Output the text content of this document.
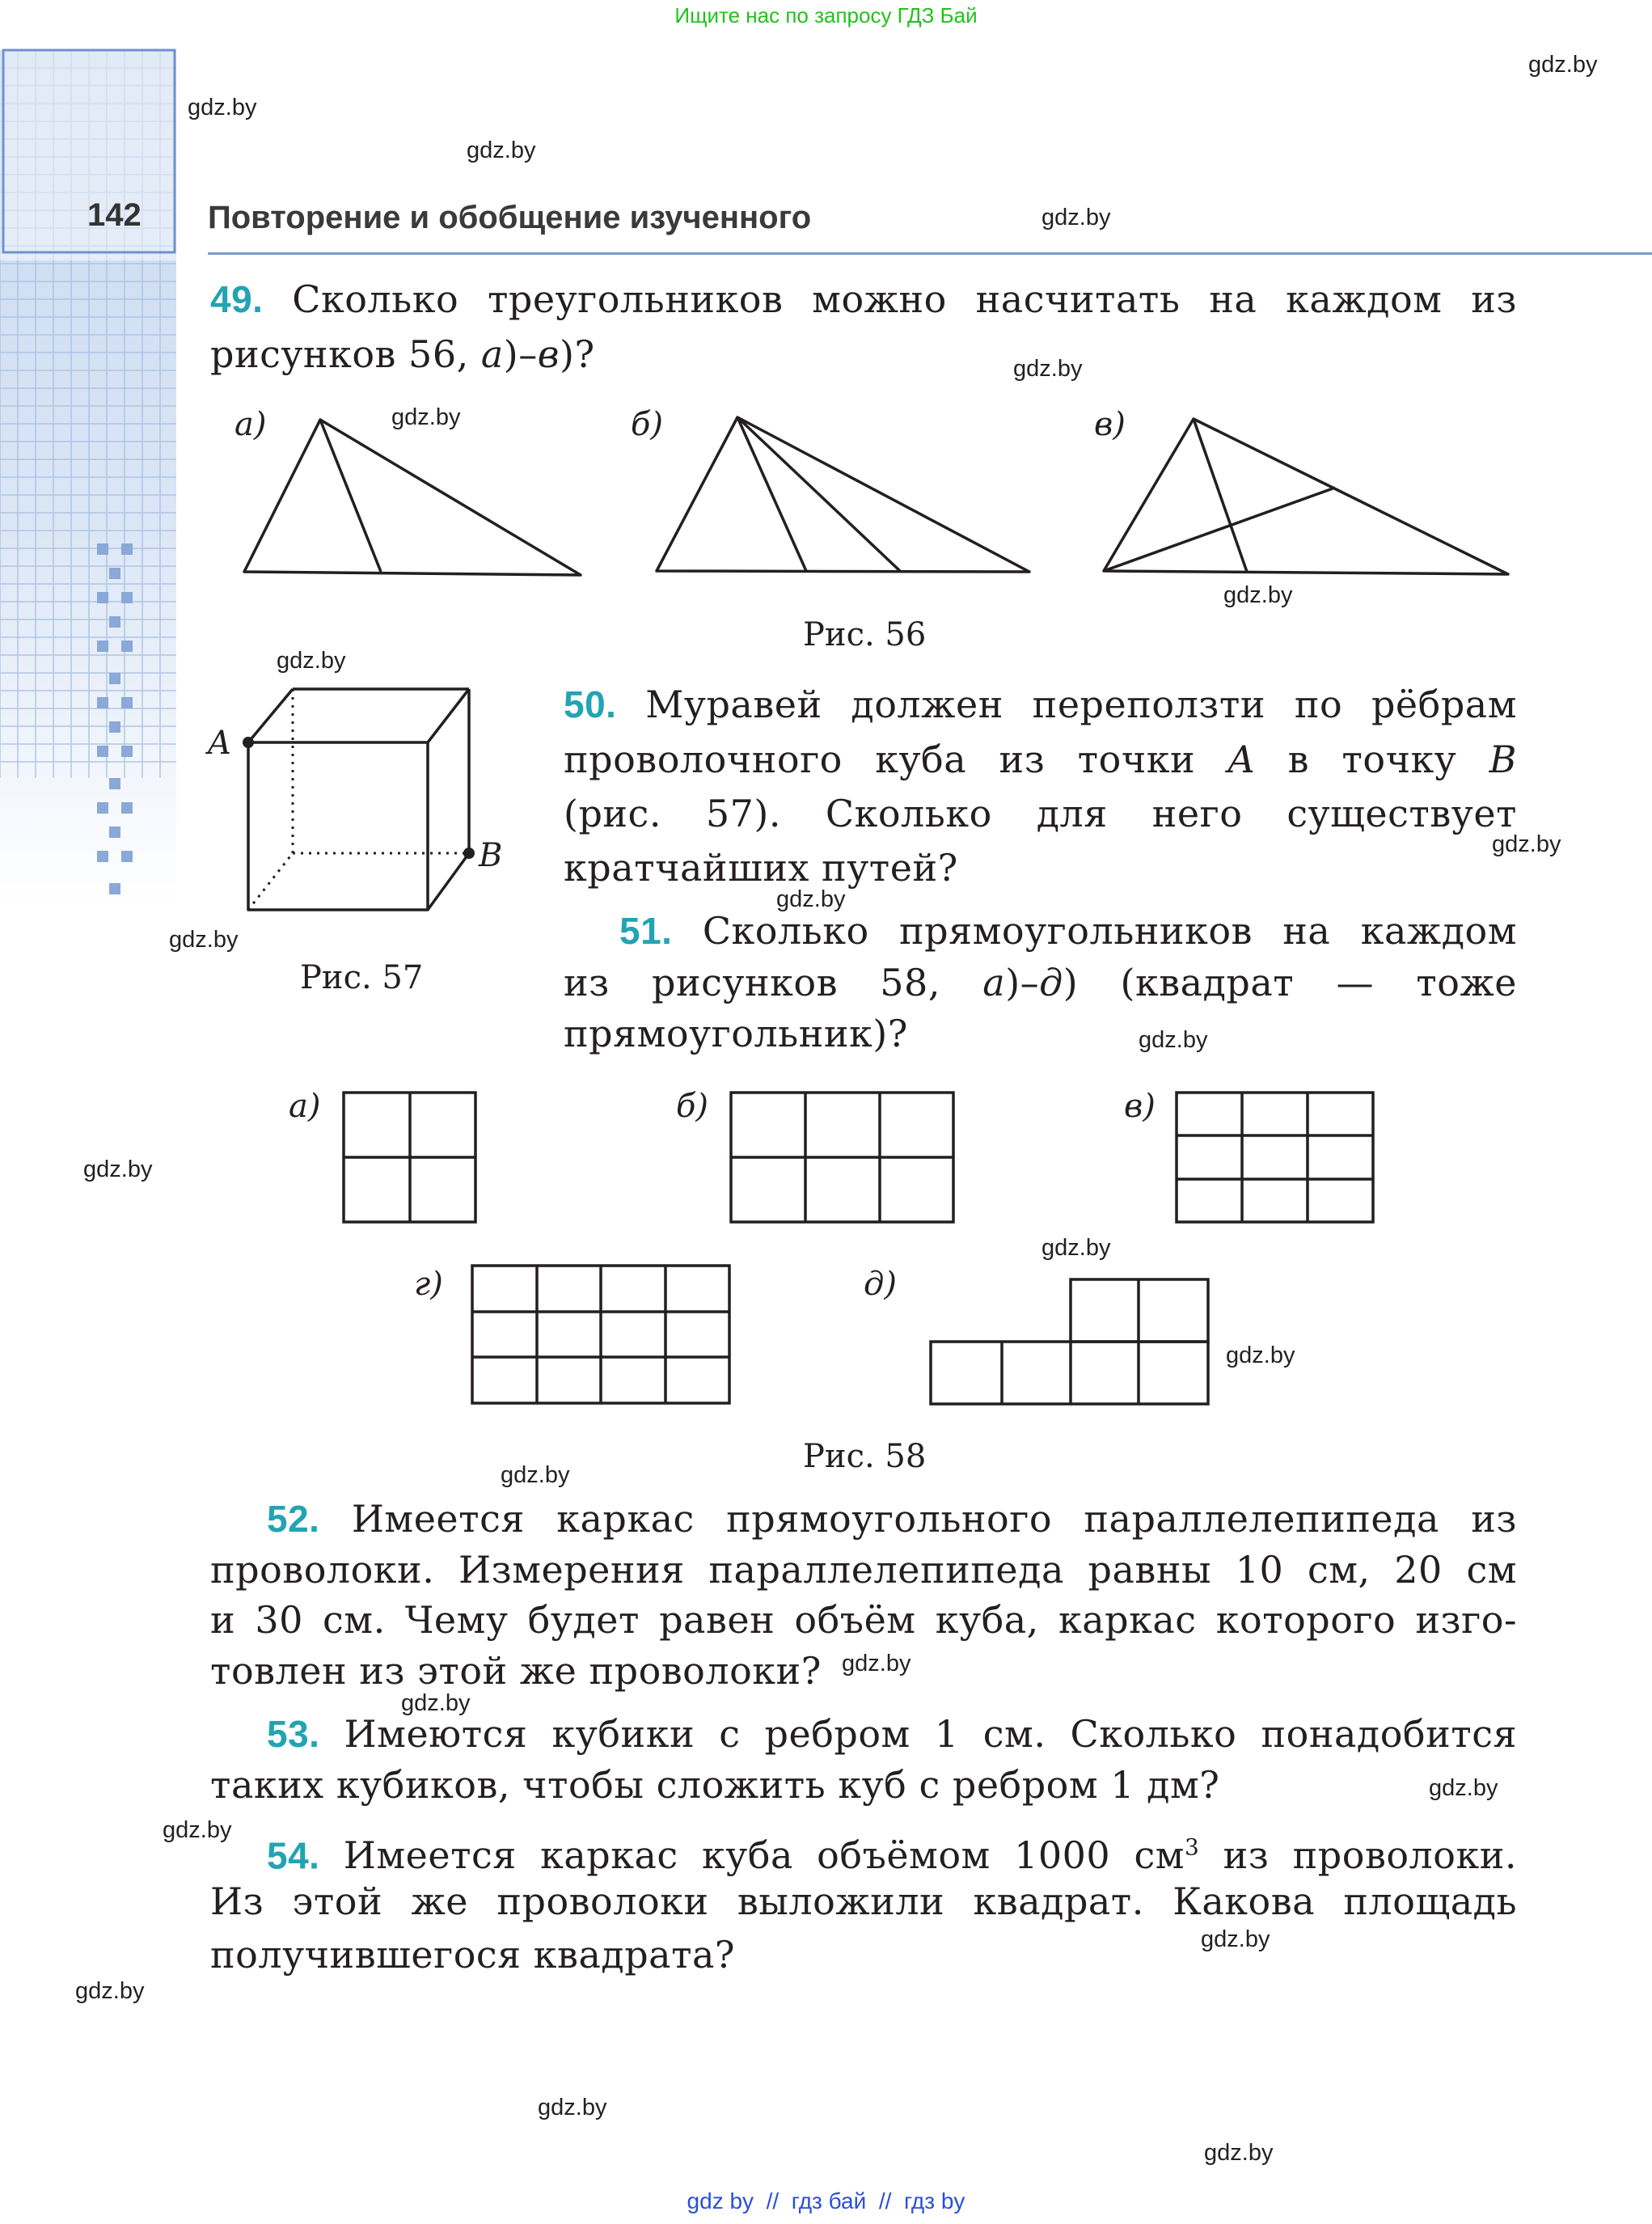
Ищите нас по запросу ГДЗ Бай
142 Повторение и обобщение изученного
gdz.by
gdz.by
gdz.by
gdz.by
gdz.by
gdz.by
gdz.by
gdz.by
gdz.by
gdz.by
gdz.by
gdz.by
gdz.by
gdz.by
gdz.by
gdz.by
gdz.by
gdz.by
gdz.by
gdz.by
gdz.by
gdz.by
gdz.by
gdz.by
49. Сколько треугольников можно насчитать на каждом из
рисунков 56, а)–в)?
а)	б)	в)
Рис. 56
A
B
Рис. 57
50. Муравей должен переползти по рёбрам
проволочного куба из точки A в точку B
(рис. 57). Сколько для него существует
кратчайших путей?
51. Сколько прямоугольников на каждом
из рисунков 58, а)–д) (квадрат — тоже
прямоугольник)?
а)	б)	в)
г)	д)
Рис. 58
52. Имеется каркас прямоугольного параллелепипеда из
проволоки. Измерения параллелепипеда равны 10 см, 20 см
и 30 см. Чему будет равен объём куба, каркас которого изго-
товлен из этой же проволоки?
53. Имеются кубики с ребром 1 см. Сколько понадобится
таких кубиков, чтобы сложить куб с ребром 1 дм?
54. Имеется каркас куба объёмом 1000 $см^3$ из проволоки.
Из этой же проволоки выложили квадрат. Какова площадь
получившегося квадрата?
gdz by // гдз бай // гдз by
